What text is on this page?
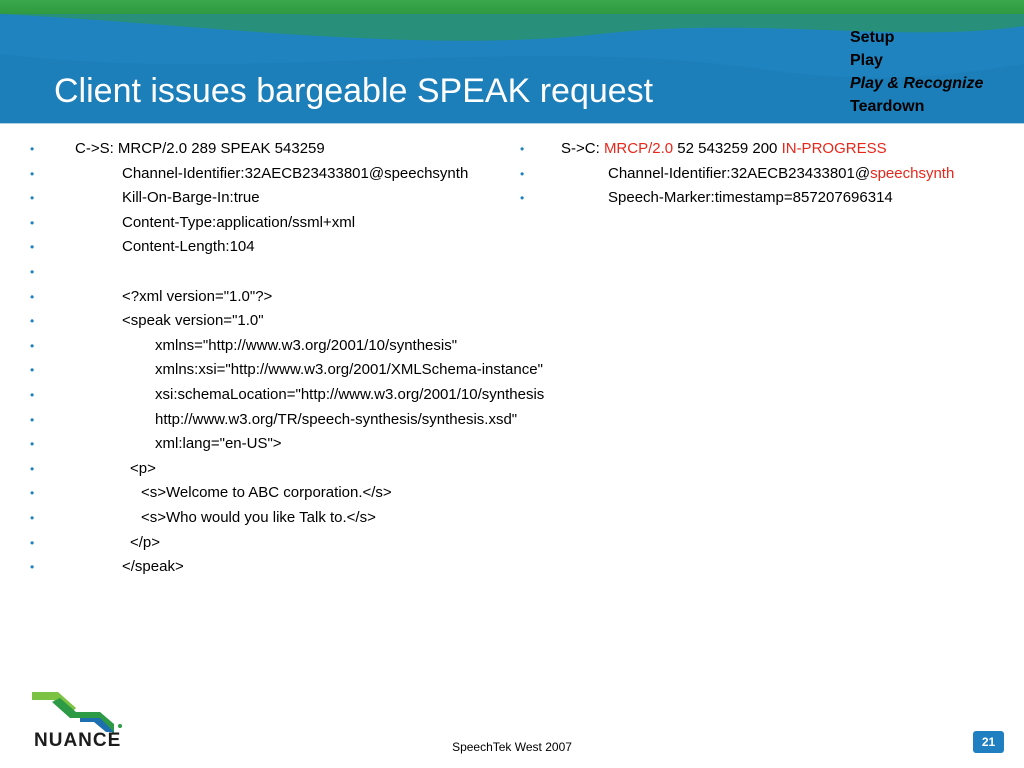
Client issues bargeable SPEAK request
Setup
Play
Play & Recognize
Teardown
•	C->S: MRCP/2.0 289 SPEAK 543259
•	Channel-Identifier:32AECB23433801@speechsynth
•	Kill-On-Barge-In:true
•	Content-Type:application/ssml+xml
•	Content-Length:104
•
•	<?xml version="1.0"?>
•	<speak version="1.0"
•	xmlns="http://www.w3.org/2001/10/synthesis"
•	xmlns:xsi="http://www.w3.org/2001/XMLSchema-instance"
•	xsi:schemaLocation="http://www.w3.org/2001/10/synthesis
•	http://www.w3.org/TR/speech-synthesis/synthesis.xsd"
•	xml:lang="en-US">
•	<p>
•	<s>Welcome to ABC corporation.</s>
•	<s>Who would you like Talk to.</s>
•	</p>
•	</speak>
• S->C: MRCP/2.0 52 543259 200 IN-PROGRESS
•	Channel-Identifier:32AECB23433801@speechsynth
•	Speech-Marker:timestamp=857207696314
NUANCE	SpeechTek West 2007	21
